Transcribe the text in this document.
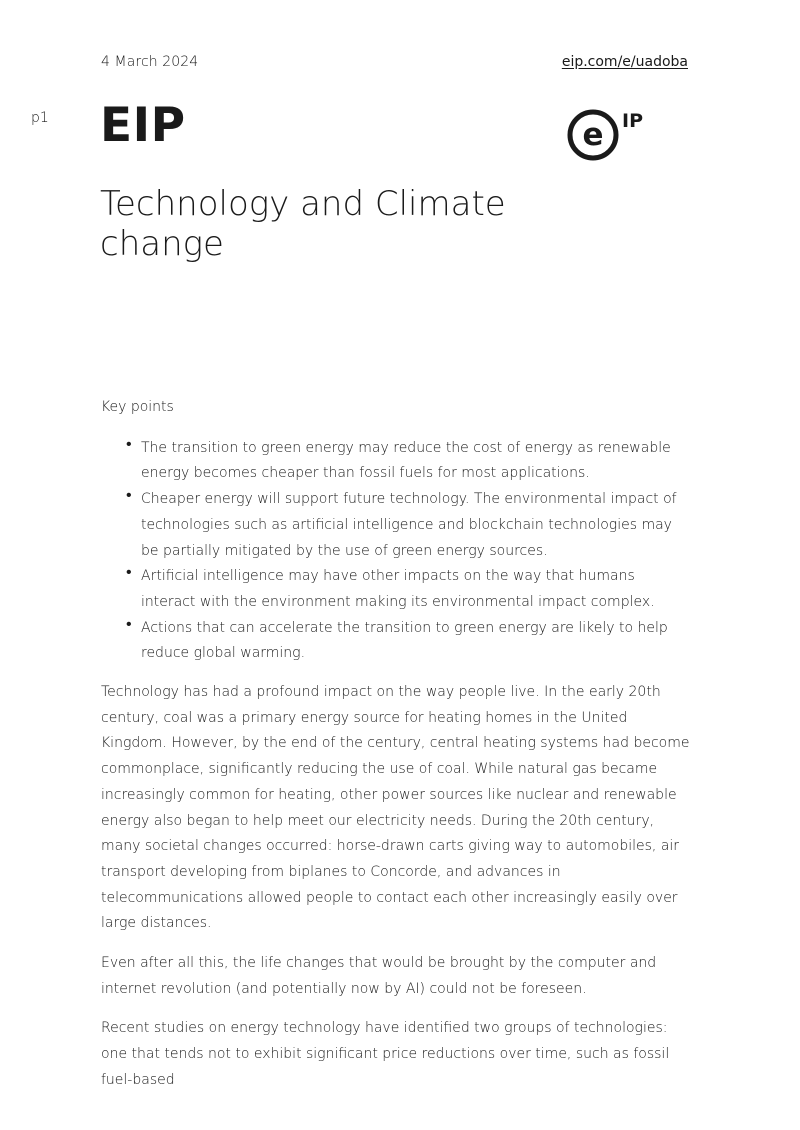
4 March 2024	eip.com/e/uadoba
p1 EIP	e IP
Technology and Climate change
Key points
• The transition to green energy may reduce the cost of energy as renewable energy becomes cheaper than fossil fuels for most applications.
• Cheaper energy will support future technology. The environmental impact of technologies such as artificial intelligence and blockchain technologies may be partially mitigated by the use of green energy sources.
• Artificial intelligence may have other impacts on the way that humans interact with the environment making its environmental impact complex.
• Actions that can accelerate the transition to green energy are likely to help reduce global warming.

Technology has had a profound impact on the way people live. In the early 20th century, coal was a primary energy source for heating homes in the United Kingdom. However, by the end of the century, central heating systems had become commonplace, significantly reducing the use of coal. While natural gas became increasingly common for heating, other power sources like nuclear and renewable energy also began to help meet our electricity needs. During the 20th century, many societal changes occurred: horse-drawn carts giving way to automobiles, air transport developing from biplanes to Concorde, and advances in telecommunications allowed people to contact each other increasingly easily over large distances.

Even after all this, the life changes that would be brought by the computer and internet revolution (and potentially now by AI) could not be foreseen.

Recent studies on energy technology have identified two groups of technologies: one that tends not to exhibit significant price reductions over time, such as fossil fuel-based
